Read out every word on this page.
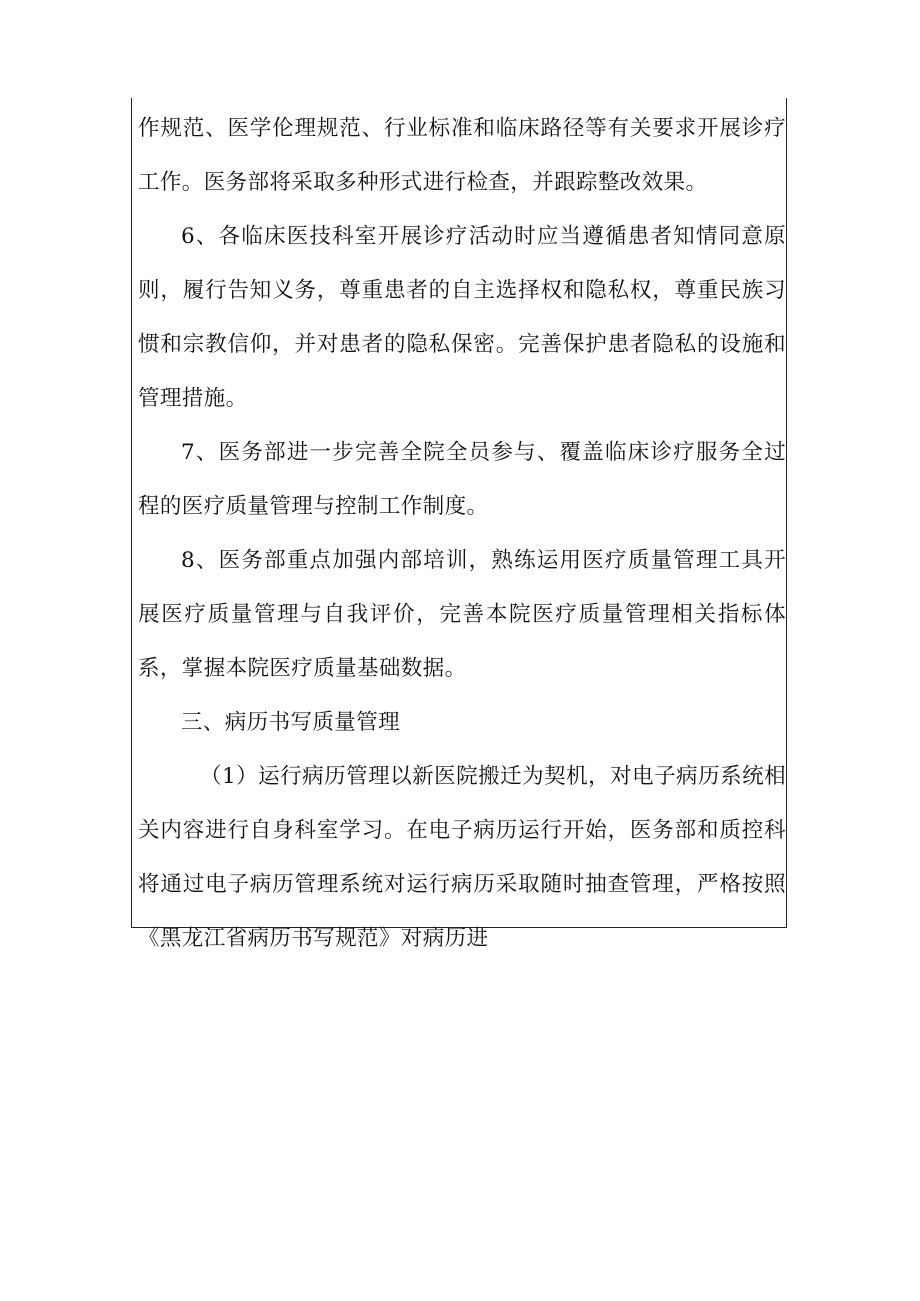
作规范、医学伦理规范、行业标准和临床路径等有关要求开展诊疗工作。医务部将采取多种形式进行检查，并跟踪整改效果。

6、各临床医技科室开展诊疗活动时应当遵循患者知情同意原则，履行告知义务，尊重患者的自主选择权和隐私权，尊重民族习惯和宗教信仰，并对患者的隐私保密。完善保护患者隐私的设施和管理措施。

7、医务部进一步完善全院全员参与、覆盖临床诊疗服务全过程的医疗质量管理与控制工作制度。

8、医务部重点加强内部培训，熟练运用医疗质量管理工具开展医疗质量管理与自我评价，完善本院医疗质量管理相关指标体系，掌握本院医疗质量基础数据。

三、病历书写质量管理

（1）运行病历管理以新医院搬迁为契机，对电子病历系统相关内容进行自身科室学习。在电子病历运行开始，医务部和质控科将通过电子病历管理系统对运行病历采取随时抽查管理，严格按照《黑龙江省病历书写规范》对病历进
